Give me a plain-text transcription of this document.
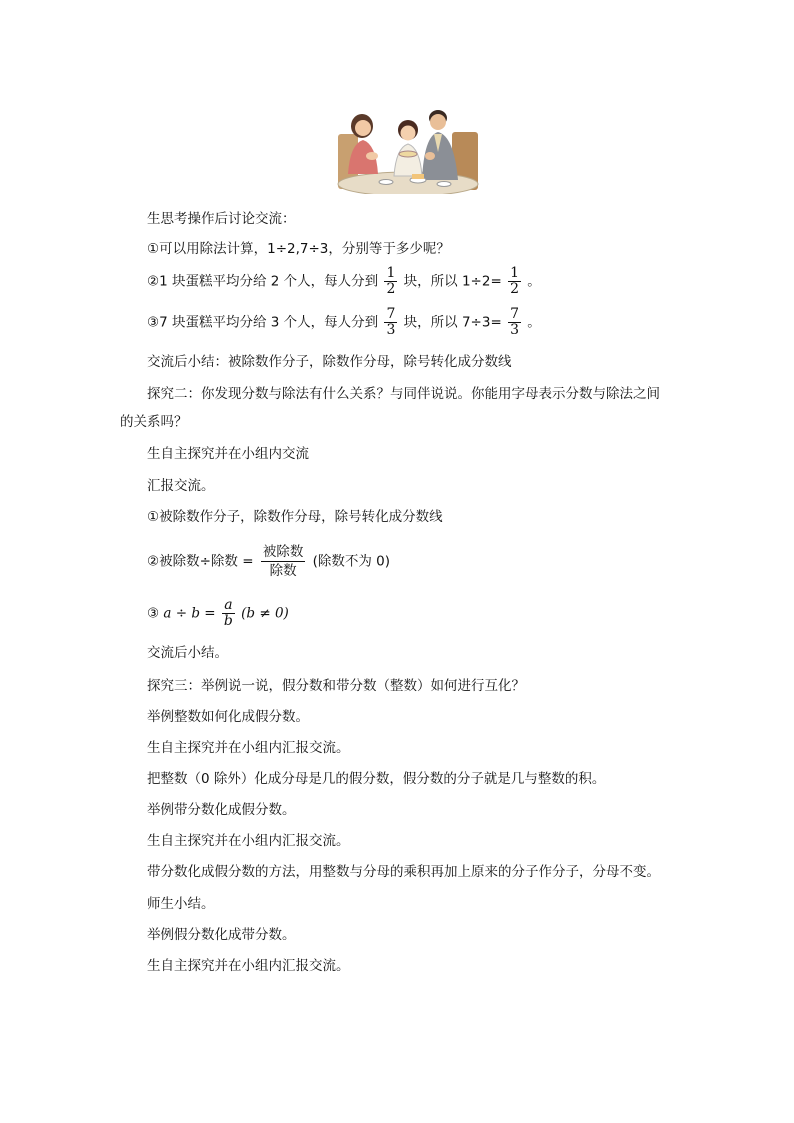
生思考操作后讨论交流：
①可以用除法计算，1÷2,7÷3，分别等于多少呢？
②1 块蛋糕平均分给 2 个人，每人分到 $\frac{1}{2}$ 块，所以 $1\div 2= \frac{1}{2}$ 。
③7 块蛋糕平均分给 3 个人，每人分到 $\frac{7}{3}$ 块，所以 $7\div 3= \frac{7}{3}$ 。
交流后小结：被除数作分子，除数作分母，除号转化成分数线
探究二：你发现分数与除法有什么关系？与同伴说说。你能用字母表示分数与除法之间
的关系吗？
生自主探究并在小组内交流
汇报交流。
①被除数作分子，除数作分母，除号转化成分数线
②被除数÷除数 = $\frac{\text{被除数}}{\text{除数}}$ (除数不为 0)
③ $a \div b = \frac{a}{b} (b \ne 0)$
交流后小结。
探究三：举例说一说，假分数和带分数（整数）如何进行互化？
举例整数如何化成假分数。
生自主探究并在小组内汇报交流。
把整数（0 除外）化成分母是几的假分数，假分数的分子就是几与整数的积。
举例带分数化成假分数。
生自主探究并在小组内汇报交流。
带分数化成假分数的方法，用整数与分母的乘积再加上原来的分子作分子，分母不变。
师生小结。
举例假分数化成带分数。
生自主探究并在小组内汇报交流。
